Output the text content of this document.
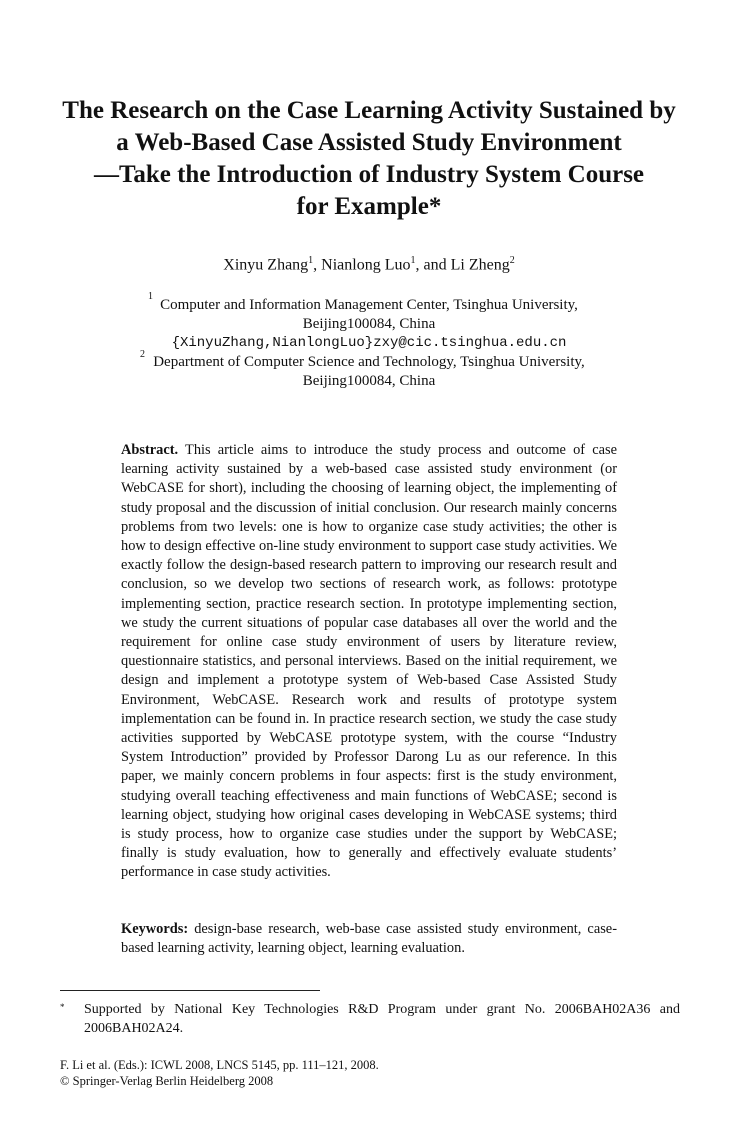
The Research on the Case Learning Activity Sustained by
a Web-Based Case Assisted Study Environment
—Take the Introduction of Industry System Course
for Example*
Xinyu Zhang$^1$, Nianlong Luo$^1$, and Li Zheng$^2$
1
Computer and Information Management Center, Tsinghua University,
Beijing100084, China
{XinyuZhang,NianlongLuo}zxy@cic.tsinghua.edu.cn
2 Department of Computer Science and Technology, Tsinghua University,
Beijing100084, China
Abstract. This article aims to introduce the study process and outcome of case learning activity sustained by a web-based case assisted study environment (or WebCASE for short), including the choosing of learning object, the implementing of study proposal and the discussion of initial conclusion. Our research mainly concerns problems from two levels: one is how to organize case study activities; the other is how to design effective on-line study environment to support case study activities. We exactly follow the design-based research pattern to improving our research result and conclusion, so we develop two sections of research work, as follows: prototype implementing section, practice research section. In prototype implementing section, we study the current situations of popular case databases all over the world and the requirement for online case study environment of users by literature review, questionnaire statistics, and personal interviews. Based on the initial requirement, we design and implement a prototype system of Web-based Case Assisted Study Environment, WebCASE. Research work and results of prototype system implementation can be found in. In practice research section, we study the case study activities supported by WebCASE prototype system, with the course “Industry System Introduction” provided by Professor Darong Lu as our reference. In this paper, we mainly concern problems in four aspects: first is the study environment, studying overall teaching effectiveness and main functions of WebCASE; second is learning object, studying how original cases developing in WebCASE systems; third is study process, how to organize case studies under the support by WebCASE; finally is study evaluation, how to generally and effectively evaluate students’ performance in case study activities.
Keywords: design-base research, web-base case assisted study environment, case-based learning activity, learning object, learning evaluation.
* Supported by National Key Technologies R&D Program under grant No. 2006BAH02A36 and 2006BAH02A24.
F. Li et al. (Eds.): ICWL 2008, LNCS 5145, pp. 111–121, 2008.
© Springer-Verlag Berlin Heidelberg 2008
